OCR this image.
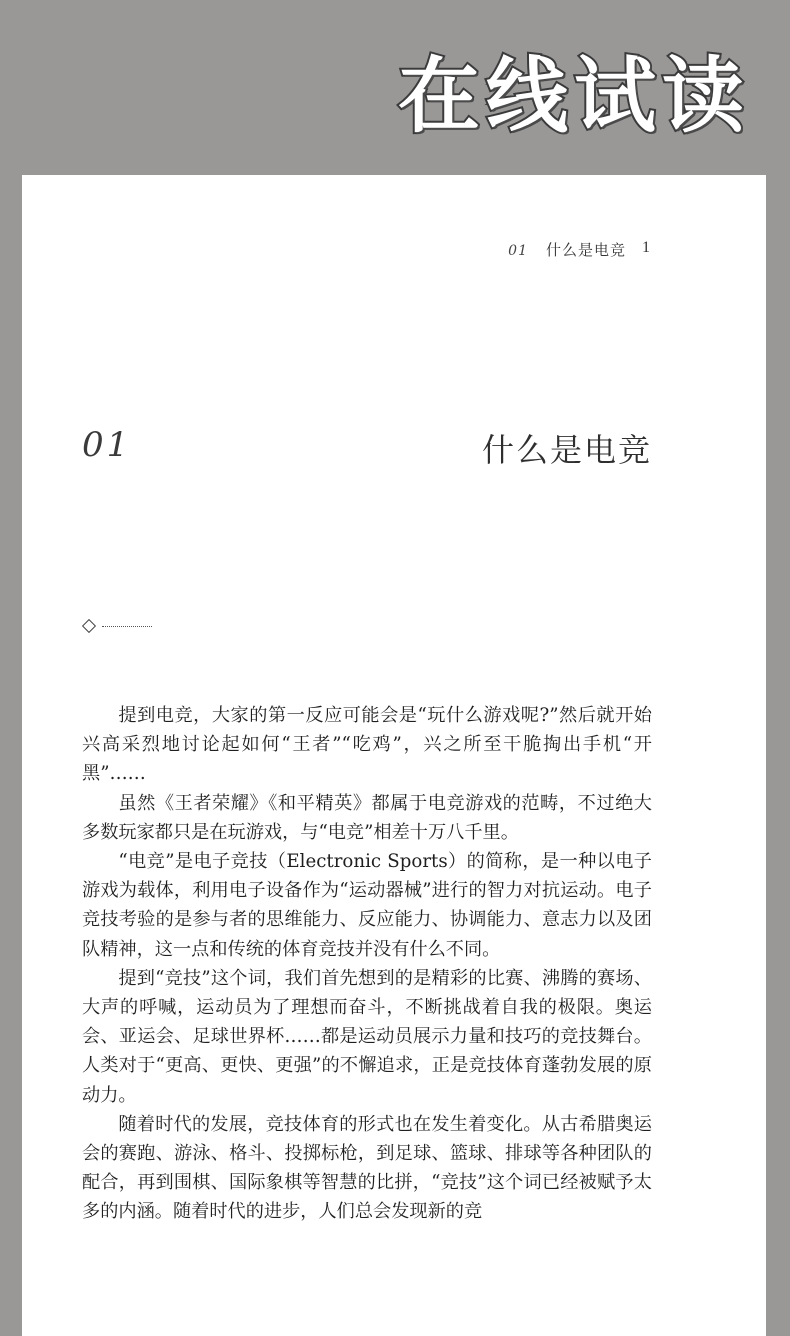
在线试读
01 什么是电竞 1
01	什么是电竞

提到电竞，大家的第一反应可能会是“玩什么游戏呢?”然后就开始兴高采烈地讨论起如何“王者”“吃鸡”，兴之所至干脆掏出手机“开黑”……

虽然《王者荣耀》《和平精英》都属于电竞游戏的范畴，不过绝大多数玩家都只是在玩游戏，与“电竞”相差十万八千里。

“电竞”是电子竞技（Electronic Sports）的简称，是一种以电子游戏为载体，利用电子设备作为“运动器械”进行的智力对抗运动。电子竞技考验的是参与者的思维能力、反应能力、协调能力、意志力以及团队精神，这一点和传统的体育竞技并没有什么不同。

提到“竞技”这个词，我们首先想到的是精彩的比赛、沸腾的赛场、大声的呼喊，运动员为了理想而奋斗，不断挑战着自我的极限。奥运会、亚运会、足球世界杯……都是运动员展示力量和技巧的竞技舞台。人类对于“更高、更快、更强”的不懈追求，正是竞技体育蓬勃发展的原动力。

随着时代的发展，竞技体育的形式也在发生着变化。从古希腊奥运会的赛跑、游泳、格斗、投掷标枪，到足球、篮球、排球等各种团队的配合，再到围棋、国际象棋等智慧的比拼，“竞技”这个词已经被赋予太多的内涵。随着时代的进步，人们总会发现新的竞
